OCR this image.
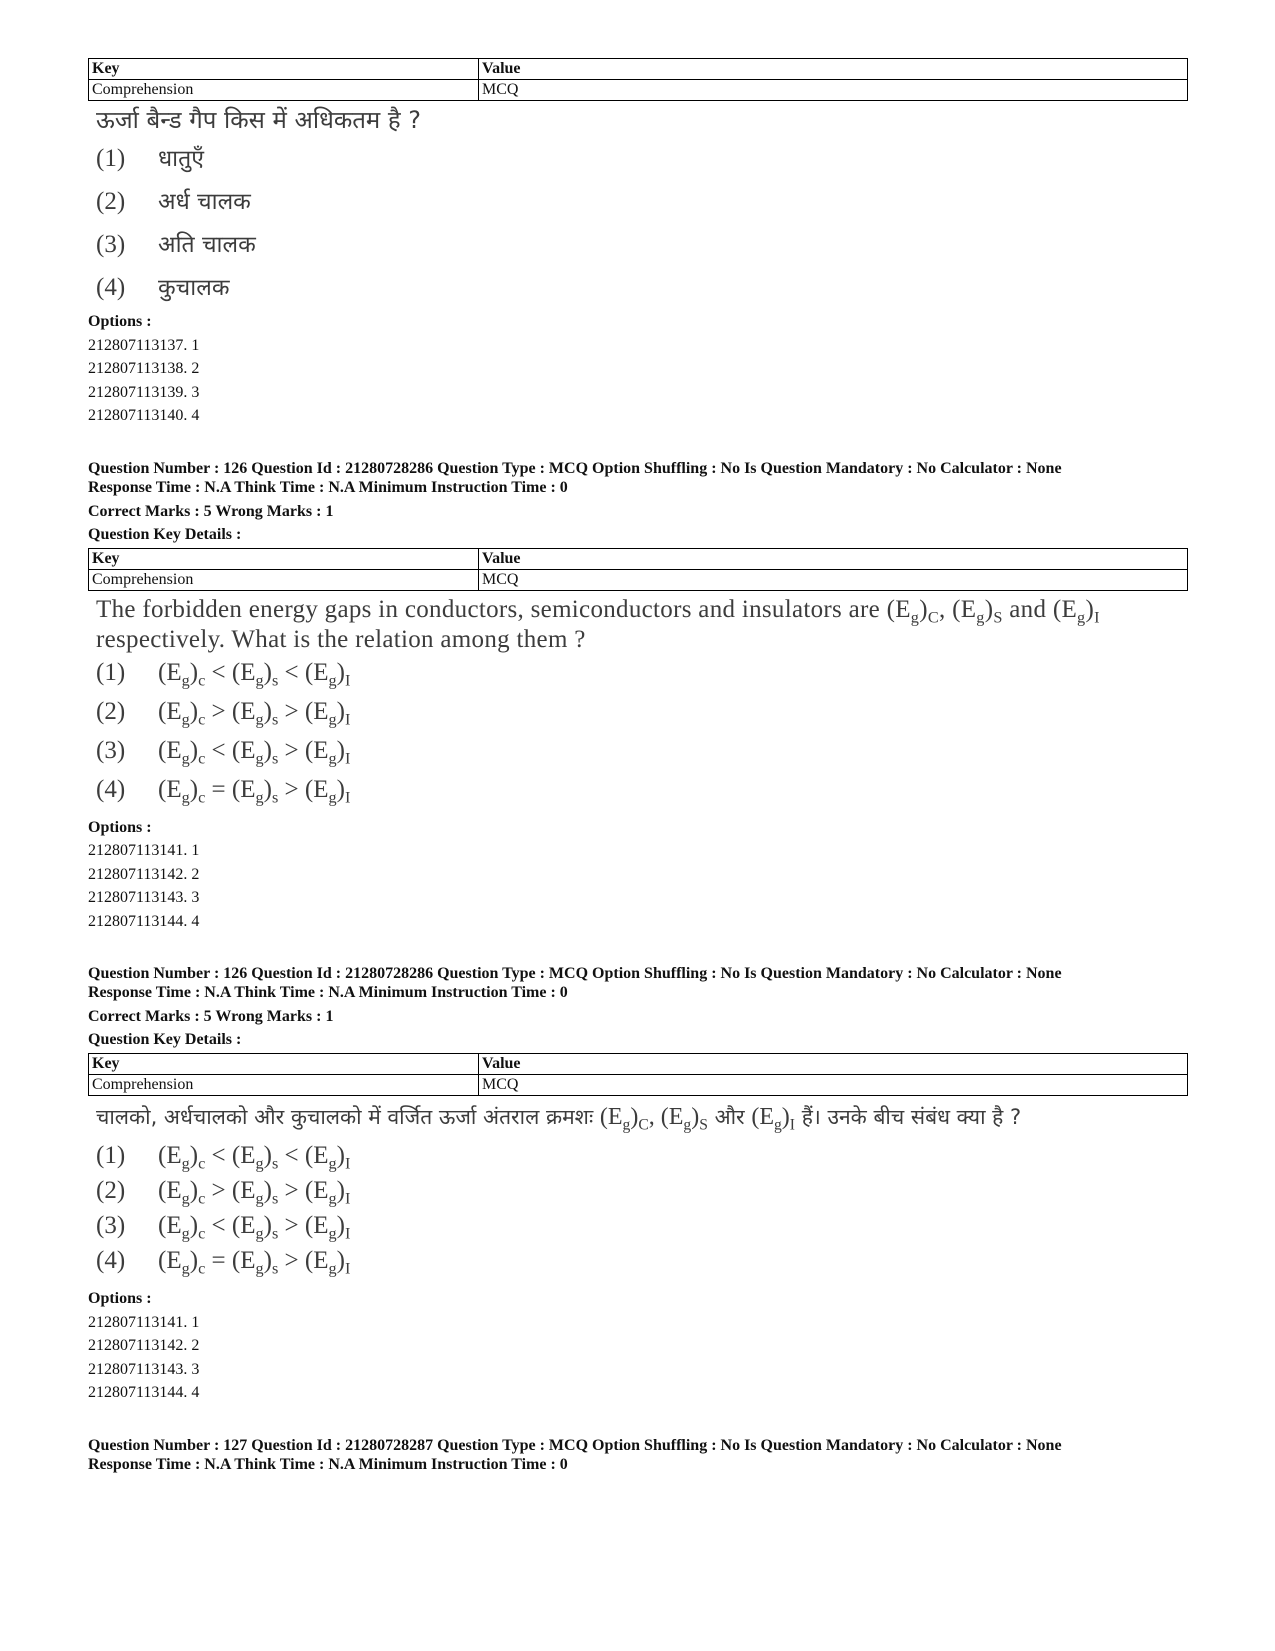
Key	Value
Comprehension	MCQ
ऊर्जा बैन्ड गैप किस में अधिकतम है ?
(1)	धातुएँ
(2)	अर्ध चालक
(3)	अति चालक
(4)	कुचालक
Options :
212807113137. 1
212807113138. 2
212807113139. 3
212807113140. 4
Question Number : 126 Question Id : 21280728286 Question Type : MCQ Option Shuffling : No Is Question Mandatory : No Calculator : None
Response Time : N.A Think Time : N.A Minimum Instruction Time : 0
Correct Marks : 5 Wrong Marks : 1
Question Key Details :
Key	Value
Comprehension	MCQ
The forbidden energy gaps in conductors, semiconductors and insulators are $(E_g)_C$, $(E_g)_S$ and $(E_g)_I$ respectively. What is the relation among them ?
(1)	$(E_g)_c < (E_g)_s < (E_g)_I$
(2)	$(E_g)_c > (E_g)_s > (E_g)_I$
(3)	$(E_g)_c < (E_g)_s > (E_g)_I$
(4)	$(E_g)_c = (E_g)_s > (E_g)_I$
Options :
212807113141. 1
212807113142. 2
212807113143. 3
212807113144. 4
Question Number : 126 Question Id : 21280728286 Question Type : MCQ Option Shuffling : No Is Question Mandatory : No Calculator : None
Response Time : N.A Think Time : N.A Minimum Instruction Time : 0
Correct Marks : 5 Wrong Marks : 1
Question Key Details :
Key	Value
Comprehension	MCQ
चालको, अर्धचालको और कुचालको में वर्जित ऊर्जा अंतराल क्रमशः $(E_g)_C$, $(E_g)_S$ और $(E_g)_I$ हैं। उनके बीच संबंध क्या है ?
(1)	$(E_g)_c < (E_g)_s < (E_g)_I$
(2)	$(E_g)_c > (E_g)_s > (E_g)_I$
(3)	$(E_g)_c < (E_g)_s > (E_g)_I$
(4)	$(E_g)_c = (E_g)_s > (E_g)_I$
Options :
212807113141. 1
212807113142. 2
212807113143. 3
212807113144. 4
Question Number : 127 Question Id : 21280728287 Question Type : MCQ Option Shuffling : No Is Question Mandatory : No Calculator : None
Response Time : N.A Think Time : N.A Minimum Instruction Time : 0
